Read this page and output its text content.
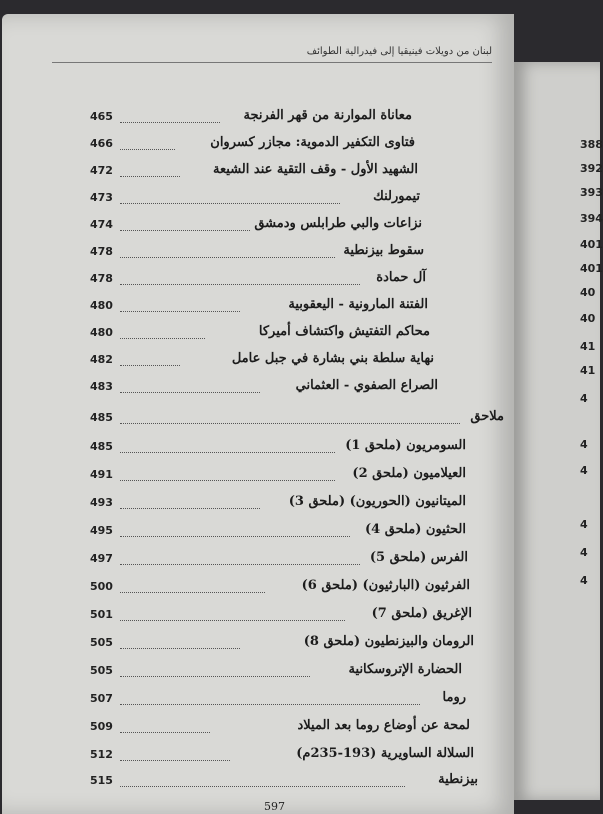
لبنان من دويلات فينيقيا إلى فيدرالية الطوائف
465	معاناة الموارنة من قهر الفرنجة
466	فتاوى التكفير الدموية: مجازر كسروان
472	الشهيد الأول - وقف التقية عند الشيعة
473	تيمورلنك
474	نزاعات والبي طرابلس ودمشق
478	سقوط بيزنطية
478	آل حمادة
480	الفتنة المارونية - اليعقوبية
480	محاكم التفتيش واكتشاف أميركا
482	نهاية سلطة بني بشارة في جبل عامل
483	الصراع الصفوي - العثماني
485	ملاحق
485	السومريون (ملحق 1)
491	العيلاميون (ملحق 2)
493	الميتانيون (الحوريون) (ملحق 3)
495	الحثيون (ملحق 4)
497	الفرس (ملحق 5)
500	الفرثيون (البارثيون) (ملحق 6)
501	الإغريق (ملحق 7)
505	الرومان والبيزنطيون (ملحق 8)
505	الحضارة الإتروسكانية
507	روما
509	لمحة عن أوضاع روما بعد الميلاد
512	السلالة الساويرية (193-235م)
515	بيزنطية
597
388
392
393
394
401
401
40
40
41
41
4
4
4
4
4
4
